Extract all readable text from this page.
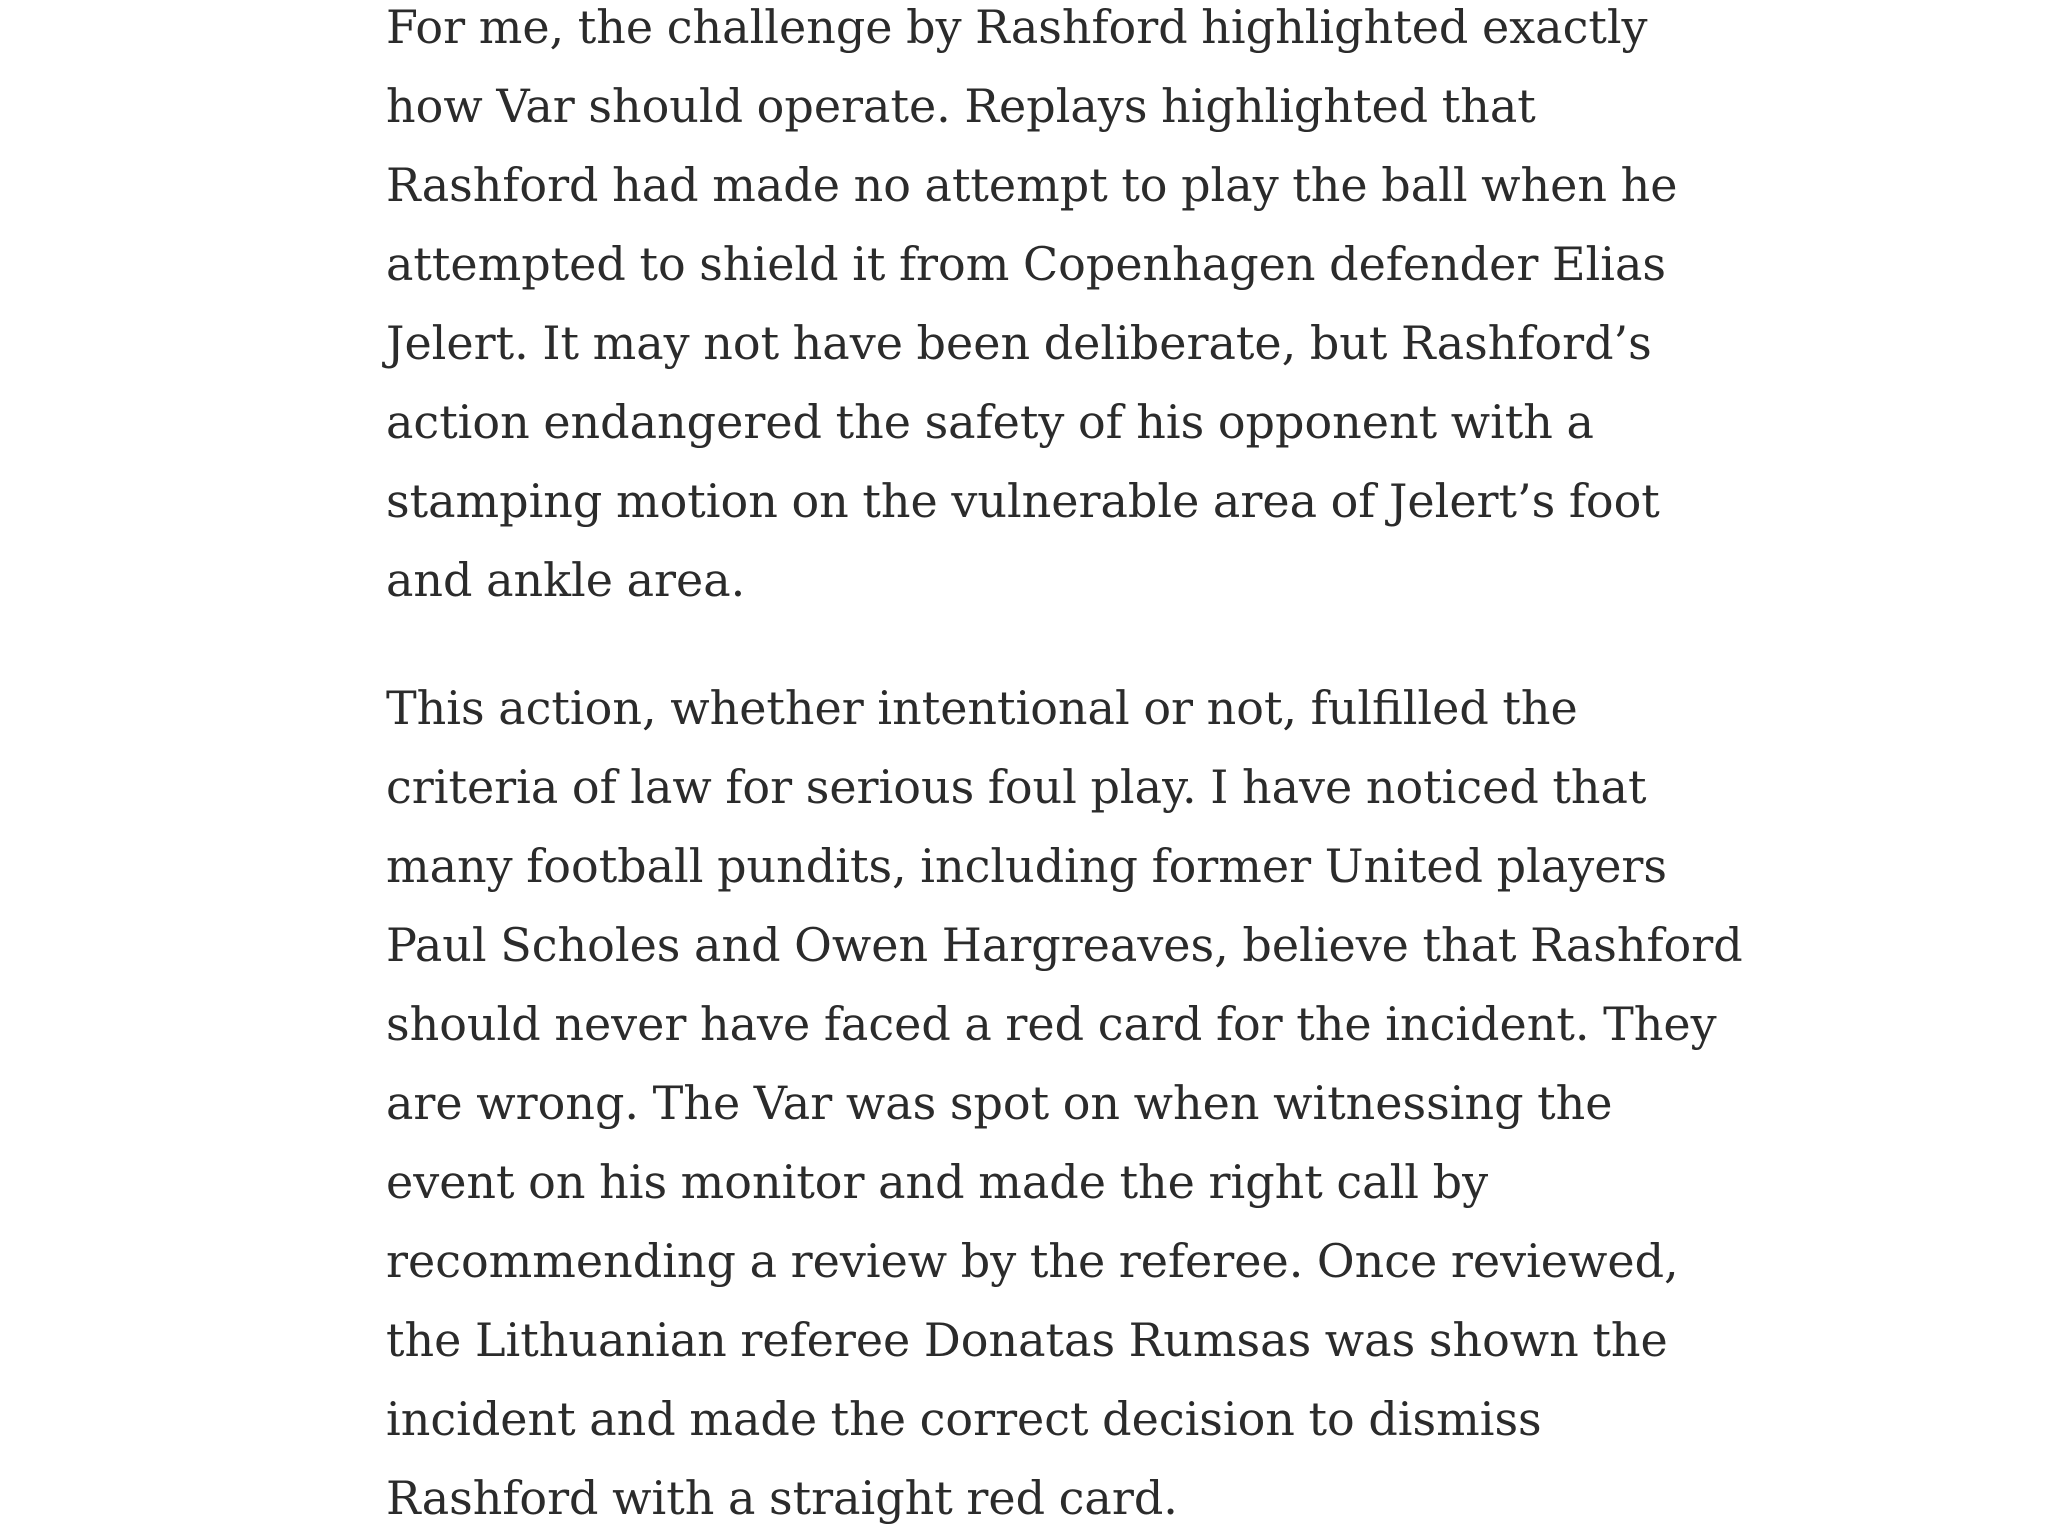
For me, the challenge by Rashford highlighted exactly
how Var should operate. Replays highlighted that
Rashford had made no attempt to play the ball when he
attempted to shield it from Copenhagen defender Elias
Jelert. It may not have been deliberate, but Rashford’s
action endangered the safety of his opponent with a
stamping motion on the vulnerable area of Jelert’s foot
and ankle area.

This action, whether intentional or not, fulfilled the
criteria of law for serious foul play. I have noticed that
many football pundits, including former United players
Paul Scholes and Owen Hargreaves, believe that Rashford
should never have faced a red card for the incident. They
are wrong. The Var was spot on when witnessing the
event on his monitor and made the right call by
recommending a review by the referee. Once reviewed,
the Lithuanian referee Donatas Rumsas was shown the
incident and made the correct decision to dismiss
Rashford with a straight red card.
